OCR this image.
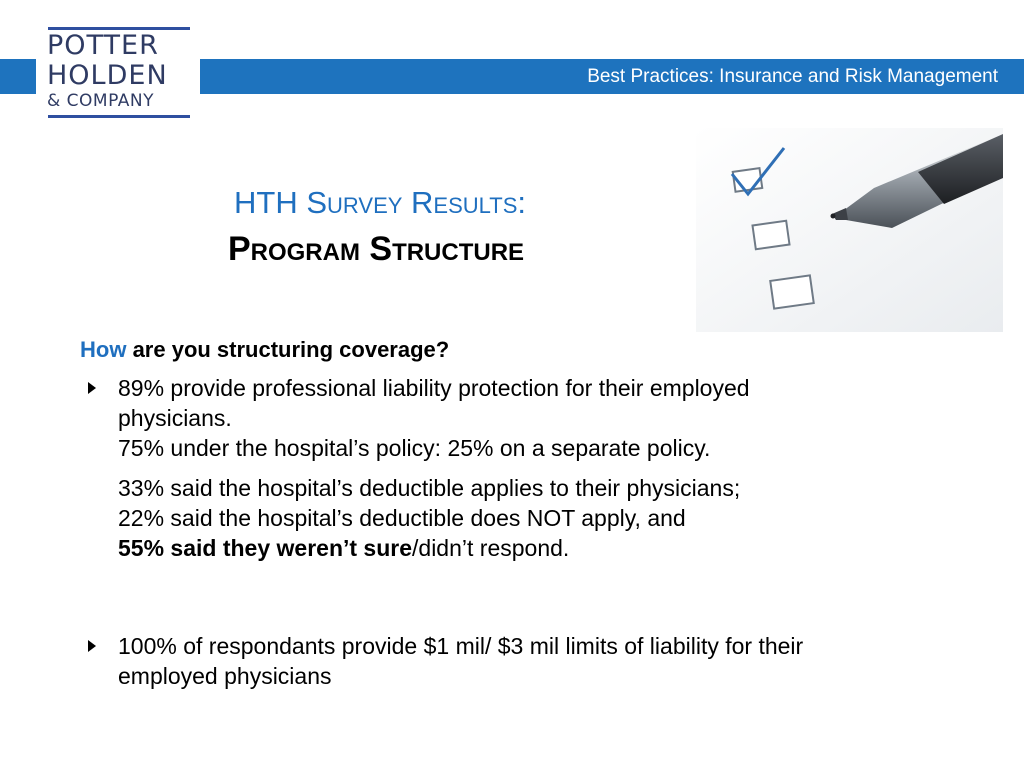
Best Practices: Insurance and Risk Management
POTTER
HOLDEN
& COMPANY
HTH Survey Results:
Program Structure
How are you structuring coverage?
89% provide professional liability protection for their employed
physicians.
75% under the hospital’s policy: 25% on a separate policy.
33% said the hospital’s deductible applies to their physicians;
22% said the hospital’s deductible does NOT apply, and
55% said they weren’t sure/didn’t respond.
100% of respondants provide $1 mil/ $3 mil limits of liability for their
employed physicians
